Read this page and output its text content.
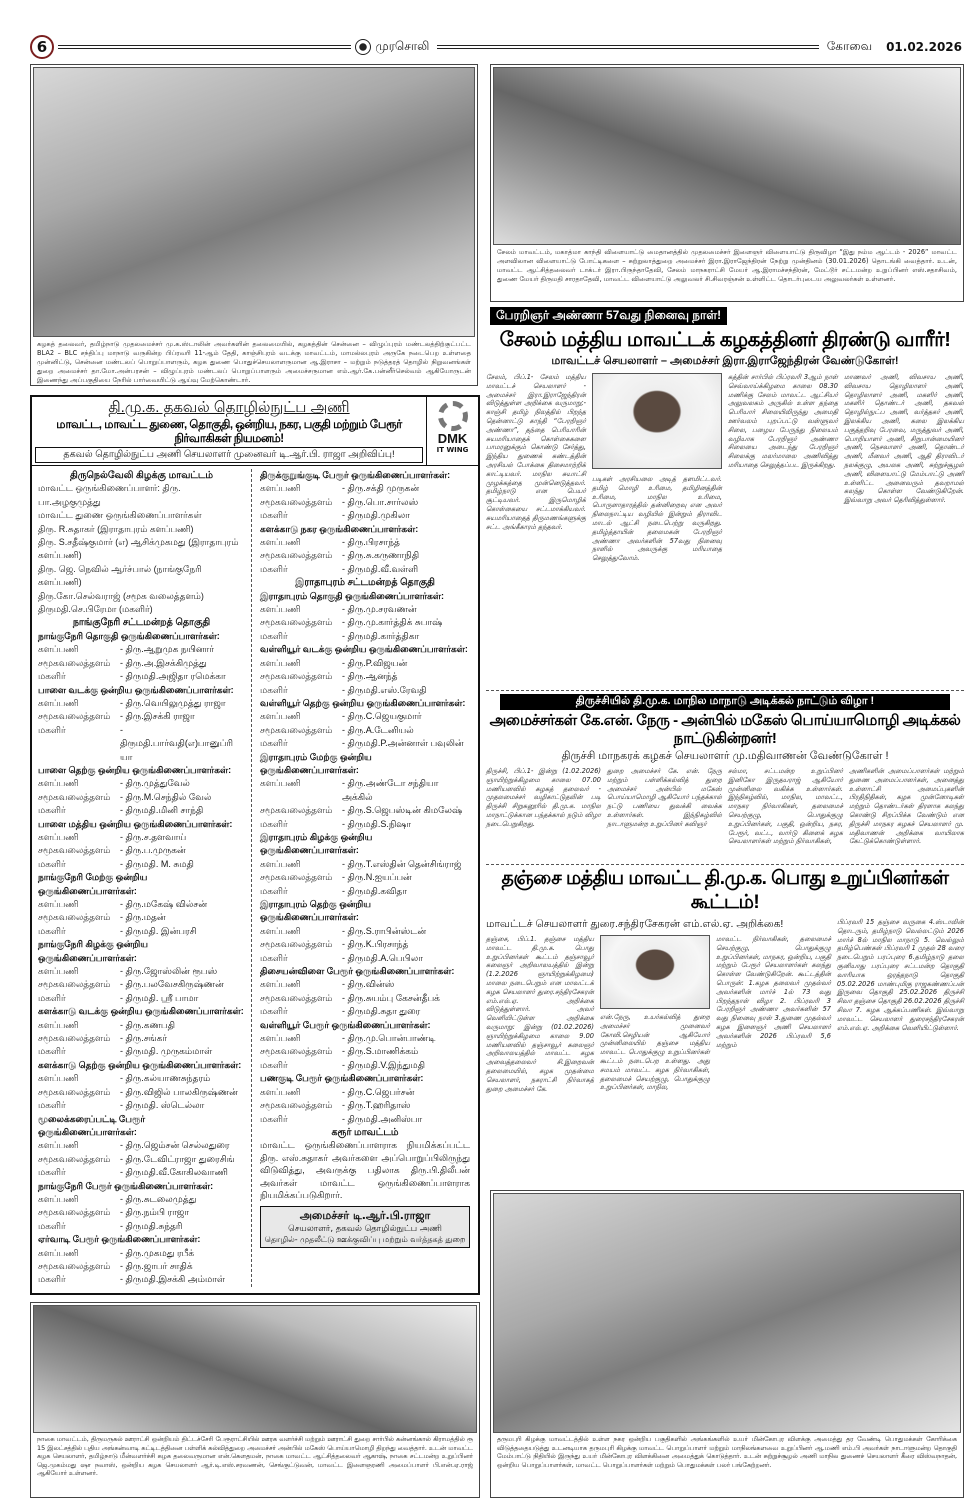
6	முரசொலி	கோவை 01.02.2026

கழகத் தலைவர், தமிழ்நாடு முதலமைச்சர் மு.க.ஸ்டாலின் அவர்களின் தலைமையில், கழகத்தின் சென்னை – விழுப்புரம் மண்டலத்திற்குட்பட்ட BLA2 – BLC சந்திப்பு மாநாடு வருகின்ற பிப்ரவரி 11-ஆம் தேதி, காஞ்சிபுரம் வடக்கு மாவட்டம், மாமல்லபுரம் அருகே நடைபெற உள்ளதை முன்னிட்டு, சென்னை மண்டலப் பொறுப்பாளரும், கழக துணை பொதுச்செயலாளருமான ஆ.இராசா – மற்றும் நடுத்தரத் தொழில் நிறுவனங்கள் துறை அமைச்சர் தா.மோ.அன்பரசன் – விழுப்புரம் மண்டலப் பொறுப்பாளரும் அமைச்சருமான எம்.ஆர்.கே.பன்னீர்செல்வம் ஆகியோருடன் இணைந்து அப்பகுதியை நேரில் பார்வையிட்டு ஆய்வு மேற்கொண்டார்.

சேலம் மாவட்டம், மகாத்மா காந்தி விளையாட்டு மைதானத்தில் முதலமைச்சர் இளைஞர் விளையாட்டு திருவிழா “இது நம்ம ஆட்டம் - 2026” மாவட்ட அளவிலான விளையாட்டு போட்டிகளை – சுற்றுலாத்துறை அமைச்சர் இரா.இராஜேந்திரன் நேற்று முன்தினம் (30.01.2026) தொடங்கி வைத்தார். உடன், மாவட்ட ஆட்சித்தலைவர் டாக்டர் இரா.பிருந்தாதேவி, சேலம் மாநகராட்சி மேயர் ஆ.இராமச்சந்திரன், மேட்டூர் சட்டமன்ற உறுப்பினர் எஸ்.சதாசிவம், துணை மேயர் திருமதி சாரதாதேவி, மாவட்ட விளையாட்டு அலுவலர் சி.சிவரஞ்சன் உள்ளிட்ட தொடர்புடைய அலுவலர்கள் உள்ளனர்.

பேரறிஞர் அண்ணா 57வது நினைவு நாள்!
சேலம் மத்திய மாவட்டக் கழகத்தினர் திரண்டு வாரீர்!
மாவட்டச் செயலாளர் – அமைச்சர் இரா.இராஜேந்திரன் வேண்டுகோள்!

சேலம், பிப்.1- சேலம் மத்திய மாவட்டச் செயலாளர் - அமைச்சர் இரா.இராஜேந்திரன் விடுத்துள்ள அறிக்கை வருமாறு;- காஞ்சி தமிழ் நிலத்தில் பிறந்த தென்னாட்டு காந்தி “பேரறிஞர் அண்ணா”, தந்தை பெரியாரின் சுயமரியாதைக் கொள்கைகளை பாமரனுக்கும் கொண்டு சேர்த்து, இந்திய துணைக் கண்டத்தின் அரசியல் போக்கை திசைமாற்றிக் காட்டியவர். மாநில சுயாட்சி முழக்கத்தை முன்னெடுத்தவர். தமிழ்நாடு என பெயர் சூட்டியவர். இருமொழிக் கொள்கையை சட்டமாக்கியவர். சுயமரியாதைத் திருமணங்களுக்கு சட்ட அங்கீகாரம் தந்தவர்.

படிகள் அரசியலை அடித் தளமிட்டவர். தமிழ் மொழி உரிமை, தமிழினத்தின் உரிமை, மாநில உரிமை, பொருளாதாரத்தில் தன்னிறைவு என அவர் நிலைநாட்டிய வழியில் இன்றும் திராவிட மாடல் ஆட்சி நடைபெற்று வருகிறது. தமிழ்த்தாயின் தலைமகன் பேரறிஞர் அண்ணா அவர்களின் 57வது நினைவு நாளில் அவருக்கு மரியாதை செலுத்துவோம்.

கத்தின் சார்பில் பிப்ரவரி 3ஆம் நாள் செவ்வாய்க்கிழமை காலை 08.30 மணிக்கு சேலம் மாவட்ட ஆட்சியர் அலுவலகம் அருகில் உள்ள தந்தை பெரியார் சிலையிலிருந்து அமைதி ஊர்வலம் புறப்பட்டு வள்ளுவர் சிலை, பழைய பேருந்து நிலையம் வழியாக பேரறிஞர் அண்ணா சிலையை அடைந்து பேரறிஞர் சிலைக்கு மலர்மாலை அணிவித்து மரியாதை செலுத்தப்பட இருக்கிறது.

மாணவர் அணி, விவசாய அணி, விவசாய தொழிலாளர் அணி, தொழிலாளர் அணி, மகளிர் அணி, மகளிர் தொண்டர் அணி, தகவல் தொழில்நுட்ப அணி, வர்த்தகர் அணி, இலக்கிய அணி, கலை இலக்கிய பகுத்தறிவு பேரவை, மருத்துவர் அணி, பொறியாளர் அணி, சிறுபான்மையினர் அணி, நெசவாளர் அணி, தொண்டர் அணி, மீனவர் அணி, ஆதி திராவிடர் நலக்குழு, அயலக அணி, சுற்றுச்சூழல் அணி, விளையாட்டு மேம்பாட்டு அணி உள்ளிட்ட அனைவரும் தவறாமல் கலந்து கொள்ள வேண்டுகிறேன். இவ்வாறு அவர் தெரிவித்துள்ளார்.

திருச்சியில் தி.மு.க. மாநில மாநாடு அடிக்கல் நாட்டும் விழா !
அமைச்சர்கள் கே.என். நேரு - அன்பில் மகேஸ் பொய்யாமொழி அடிக்கல் நாட்டுகின்றனர்!
திருச்சி மாநகரக் கழகச் செயலாளர் மு.மதிவாணன் வேண்டுகோள் !

திருச்சி, பிப்.1- இன்று (1.02.2026) ஞாயிற்றுக்கிழமை காலை 07.00 மணியளவில் கழகத் தலைவர் - முதலமைச்சர் வழிகாட்டுதலின் படி திருச்சி சிறுகனூரில் தி.மு.க. மாநில மாநாட்டுக்கான பந்தக்கால் நடும் விழா நடைபெறுகிறது.

துறை அமைச்சர் கே. என். நேரு மற்றும் பள்ளிக்கல்வித் துறை அமைச்சர் அன்பில் மகேஸ் பொய்யாமொழி ஆகியோர் பந்தக்கால் நட்டு பணியை துவக்கி வைக்க உள்ளார்கள். இந்நிகழ்வில் நாடாளுமன்ற உறுப்பினர் கவிஞர்

சல்மா, சட்டமன்ற உறுப்பினர் இனிகோ இருதயராஜ் ஆகியோர் முன்னிலை வகிக்க உள்ளார்கள். இந்நிகழ்வில், மாநில, மாவட்ட, மாநகர நிர்வாகிகள், தலைமைச் செயற்குழு, பொதுக்குழு உறுப்பினர்கள், பகுதி, ஒன்றிய, நகர, பேரூர், வட்ட, வார்டு கிளைக் கழக செயலாளர்கள் மற்றும் நிர்வாகிகள்,

அணிகளின் அமைப்பாளர்கள் மற்றும் துணை அமைப்பாளர்கள், அனைத்து உள்ளாட்சி அமைப்புகளின் பிரதிநிதிகள், கழக முன்னோடிகள் மற்றும் தொண்டர்கள் திரளாக கலந்து கொண்டு சிறப்பிக்க வேண்டும் என திருச்சி மாநகர கழகச் செயலாளர் மு. மதிவாணன் அறிக்கை வாயிலாக கேட்டுக்கொண்டுள்ளார்.

தஞ்சை மத்திய மாவட்ட தி.மு.க. பொது உறுப்பினர்கள் கூட்டம்!
மாவட்டச் செயலாளர் துரை.சந்திரசேகரன் எம்.எல்.ஏ. அறிக்கை!

தஞ்சை, பிப்.1. தஞ்சை மத்திய மாவட்ட தி.மு.க. பொது உறுப்பினர்கள் கூட்டம் தஞ்சாவூர் கலைஞர் அறிவாலயத்தில் இன்று (1.2.2026 ஞாயிற்றுக்கிழமை) மாலை நடைபெறும் என மாவட்டக் கழக செயலாளர் துரை.சந்திரசேகரன் எம்.எல்.ஏ. அறிக்கை விடுத்துள்ளார். அவர் வெளியிட்டுள்ள அறிக்கை வருமாறு: இன்று (01.02.2026) ஞாயிற்றுக்கிழமை காலை 9.00 மணியளவில் தஞ்சாவூர் கலைஞர் அறிவாலயத்தில் மாவட்ட கழக அவைத்தலைவர் சி.இறைவன் தலைமையில், கழக முதன்மை செயலாளர், நகராட்சி நிர்வாகத் துறை அமைச்சர் கே.

என்.நேரு, உயர்கல்வித் துறை அமைச்சர் முனைவர் கோவி.செழியன் ஆகியோர் முன்னிலையில் தஞ்சை மத்திய மாவட்ட பொதுக்குழு உறுப்பினர்கள் கூட்டம் நடைபெற உள்ளது. அது சமயம் மாவட்ட கழக நிர்வாகிகள், தலைமைச் செயற்குழு, பொதுக்குழு உறுப்பினர்கள், மாநில,

மாவட்ட நிர்வாகிகள், தலைமைச் செயற்குழு, பொதுக்குழு உறுப்பினர்கள், மாநகர, ஒன்றிய, பகுதி மற்றும் பேரூர் செயலாளர்கள் கலந்து கொள்ள வேண்டுகிறேன். கூட்டத்தின் பொருள்: 1.கழக தலைவர் முதல்வர் அவர்களின் மார்ச் 1ல் 73 வது பிறந்தநாள் விழா 2. பிப்ரவரி 3 பேரறிஞர் அண்ணா அவர்களின் 57 வது நினைவு நாள் 3.துணை முதல்வர் கழக இளைஞர் அணி செயலாளர் அவர்களின் 2026 பிப்ரவரி 5,6 மற்றும்

பிப்ரவரி 15 தஞ்சை வருகை 4.ஸ்டாலின் தொடரும், தமிழ்நாடு வெல்லட்டும் 2026 மார்ச் 8ல் மாநில மாநாடு 5. வெல்லும் தமிழ்பெண்கள் பிப்ரவரி 1 முதல் 28 வரை நடைபெறும் பரப்புரை 6.தமிழ்நாடு தலை குனியாது பரப்புரை சட்டமன்ற தொகுதி வாரியாக ஒரத்தநாடு தொகுதி 05.02.2026 மாண்புமிகு ராஜகண்ணப்பன் இருவை தொகுதி 25.02.2026 திருச்சி சிவா தஞ்சை தொகுதி 26.02.2026 திருச்சி சிவா 7. கழக ஆக்கப்பணிகள். இவ்வாறு மாவட்ட செயலாளர் துரைசந்திரசேகரன் எம்.எல்.ஏ. அறிக்கை வெளியிட்டுள்ளார்.

தி.மு.க. தகவல் தொழில்நுட்ப அணி
மாவட்ட, மாவட்ட துணை, தொகுதி, ஒன்றிய, நகர, பகுதி மற்றும் பேரூர் நிர்வாகிகள் நியமனம்!
தகவல் தொழில்நுட்ப அணி செயலாளர் முனைவர் டி.ஆர்.பி. ராஜா அறிவிப்பு!
DMK
IT WING
திருநெல்வேலி கிழக்கு மாவட்டம்
மாவட்ட ஒருங்கிணைப்பாளர்: திரு. பா.அழகுமுத்து
மாவட்ட துணை ஒருங்கிணைப்பாளர்கள்
திரு. R.சுதாகர் (இராதாபுரம் களப்பணி)
திரு. S.சதீஷ்குமார் (எ) ஆசிக்முகமது (இராதாபுரம் களப்பணி)
திரு. ஜெ. நெவில் ஆர்ச்பால் (நாங்குநேரி களப்பணி)
திரு.கோ.செல்வராஜ் (சமூக வலைத்தளம்)
திருமதி.செ.பிரேமா (மகளிர்)
நாங்குநேரி சட்டமன்றத் தொகுதி
நாங்குநேரி தொகுதி ஒருங்கிணைப்பாளர்கள்:
களப்பணி	- திரு.ஆறுமுக நயினார்
சமூகவலைத்தளம்	- திரு.அ.இசக்கிமுத்து
மகளிர்	- திருமதி.அஜிதா ரமெக்கா
பாளை வடக்கு ஒன்றிய ஒருங்கிணைப்பாளர்கள்:
களப்பணி	- திரு.வெயிலுமுத்து ராஜா
சமூகவலைத்தளம்	- திரு.இசக்கி ராஜா
மகளிர்	- திருமதி.பார்வதி(எ)பானுப்ரியா
பாளை தெற்கு ஒன்றிய ஒருங்கிணைப்பாளர்கள்:
களப்பணி	- திரு.முத்துவேல்
சமூகவலைத்தளம்	- திரு.M.செந்தில் வேல்
மகளிர்	- திருமதி.மினி சாந்தி
பாளை மத்திய ஒன்றிய ஒருங்கிணைப்பாளர்கள்:
களப்பணி	- திரு.ச.தளவாய்
சமூகவலைத்தளம்	- திரு.ப.முருகன்
மகளிர்	- திருமதி. M. சுமதி
நாங்குநேரி மேற்கு ஒன்றிய ஒருங்கிணைப்பாளர்கள்:
களப்பணி	- திரு.மகேஷ் வில்சன்
சமூகவலைத்தளம்	- திரு.மதன்
மகளிர்	- திருமதி. இன்பரசி
நாங்குநேரி கிழக்கு ஒன்றிய ஒருங்கிணைப்பாளர்கள்:
களப்பணி	- திரு.ஜோஸ்லின் ரூபஸ்
சமூகவலைத்தளம்	- திரு.பலவேசகிருஷ்ணன்
மகளிர்	- திருமதி. ஸ்ரீ பாமா
களக்காடு வடக்கு ஒன்றிய ஒருங்கிணைப்பாளர்கள்:
களப்பணி	- திரு.கணபதி
சமூகவலைத்தளம்	- திரு.சங்கர்
மகளிர்	- திருமதி. முருகம்மாள்
களக்காடு தெற்கு ஒன்றிய ஒருங்கிணைப்பாளர்கள்:
களப்பணி	- திரு.கல்யாணசுந்தரம்
சமூகவலைத்தளம்	- திரு.விஜில் பாலகிருஷ்ணன்
மகளிர்	- திருமதி. ஸ்டெல்லா
மூலைக்கரைப்பட்டி பேரூர் ஒருங்கிணைப்பாளர்கள்:
களப்பணி	- திரு.ஜெம்சன் செல்லதுரை
சமூகவலைத்தளம்	- திரு.டேவிட்ராஜா துரைசிங்
மகளிர்	- திருமதி.வீ.கோகிலவாணி
நாங்குநேரி பேரூர் ஒருங்கிணைப்பாளர்கள்:
களப்பணி	- திரு.சுடலைமுத்து
சமூகவலைத்தளம்	- திரு.நம்பி ராஜா
மகளிர்	- திருமதி.சுந்தரி
ஏர்வாடி பேரூர் ஒருங்கிணைப்பாளர்கள்:
களப்பணி	- திரு.முகமது ரபீக்
சமூகவலைத்தளம்	- திரு.ஜாபர் சாதிக்
மகளிர்	- திருமதி.இசக்கி அம்மாள்
திருக்குறுங்குடி பேரூர் ஒருங்கிணைப்பாளர்கள்:
களப்பணி	- திரு.சக்தி முருகன்
சமூகவலைத்தளம்	- திரு.பொ.சார்லஸ்
மகளிர்	- திருமதி.முகிலா
களக்காடு நகர ஒருங்கிணைப்பாளர்கள்:
களப்பணி	- திரு.பிரசாந்த்
சமூகவலைத்தளம்	- திரு.சு.கருணாநிதி
மகளிர்	- திருமதி.வீ.வள்ளி
இராதாபுரம் சட்டமன்றத் தொகுதி
இராதாபுரம் தொகுதி ஒருங்கிணைப்பாளர்கள்:
களப்பணி	- திரு.மு.சரவணன்
சமூகவலைத்தளம்	- திரு.மு.கார்த்திக் சுபாஷ்
மகளிர்	- திருமதி.கார்த்திகா
வள்ளியூர் வடக்கு ஒன்றிய ஒருங்கிணைப்பாளர்கள்:
களப்பணி	- திரு.P.விஜயன்
சமூகவலைத்தளம்	- திரு.ஆனந்த்
மகளிர்	- திருமதி.எஸ்.ரேவதி
வள்ளியூர் தெற்கு ஒன்றிய ஒருங்கிணைப்பாளர்கள்:
களப்பணி	- திரு.C.ஜெயகுமார்
சமூகவலைத்தளம்	- திரு.A.டேனியல்
மகளிர்	- திருமதி.P.அன்னாள் பவுலின்
இராதாபுரம் மேற்கு ஒன்றிய ஒருங்கிணைப்பாளர்கள்:
களப்பணி	- திரு.அண்டோ சந்தியா அக்கில்
சமூகவலைத்தளம்	- திரு.S.ஜெபஸ்டின் கிமலேஷ்
மகளிர்	- திருமதி.S.நிஷா
இராதாபுரம் கிழக்கு ஒன்றிய ஒருங்கிணைப்பாளர்கள்:
களப்பணி	- திரு.T.எஸ்தின் தென்சிங்ராஜ்
சமூகவலைத்தளம்	- திரு.N.ஐயப்பன்
மகளிர்	- திருமதி.கவிதா
இராதாபுரம் தெற்கு ஒன்றிய ஒருங்கிணைப்பாளர்கள்:
களப்பணி	- திரு.S.ராபின்ஸ்டன்
சமூகவலைத்தளம்	- திரு.K.பிரசாந்த்
மகளிர்	- திருமதி.A.பெபிலா
திசையன்விளை பேரூர் ஒருங்கிணைப்பாளர்கள்:
களப்பணி	- திரு.வின்ஸ்
சமூகவலைத்தளம்	- திரு.சுயம்பு கேசன்தீபக்
மகளிர்	- திருமதி.சுதா துரை
வள்ளியூர் பேரூர் ஒருங்கிணைப்பாளர்கள்:
களப்பணி	- திரு.மு.பொன்பாண்டி
சமூகவலைத்தளம்	- திரு.S.மாணிக்கம்
மகளிர்	- திருமதி.V.இந்துமதி
பணகுடி பேரூர் ஒருங்கிணைப்பாளர்கள்:
களப்பணி	- திரு.C.ஜெபர்சன்
சமூகவலைத்தளம்	- திரு.T.ஹரிதாஸ்
மகளிர்	- திருமதி.அனிஸ்பா
கரூர் மாவட்டம்

மாவட்ட ஒருங்கிணைப்பாளராக நியமிக்கப்பட்ட திரு. எஸ்.சுதாகர் அவர்களை அப்பொறுப்பிலிருந்து விடுவித்து, அவருக்கு பதிலாக திரு.பி.திலீபன் அவர்கள் மாவட்ட ஒருங்கிணைப்பாளராக நியமிக்கப்படுகிறார்.

அமைச்சர் டி.ஆர்.பி.ராஜா
செயலாளர், தகவல் தொழில்நுட்ப அணி
தொழில்- முதலீட்டு ஊக்குவிப்பு மற்றும் வர்த்தகத் துறை

நாகை மாவட்டம், திருமருகல் ஊராட்சி ஒன்றியம் திட்டச்சேரி பேரூராட்சியில் ஊரக வளர்ச்சி மற்றும் ஊராட்சி துறை சார்பில் கன்னங்கால் கிராமத்தில் ரூ 15 இலட்சத்தில் புதிய அங்கன்வாடி கட்டிடத்தினை பள்ளிக் கல்வித்துறை அமைச்சர் அன்பில் மகேஸ் பொய்யாமொழி திறந்து வைத்தார். உடன் மாவட்ட கழக செயலாளர், தமிழ்நாடு மீன்வளர்ச்சி கழக தலைவருமான என்.கௌதமன், நாகை மாவட்ட ஆட்சித்தலைவர் ஆகாஷ், நாகை சட்டமன்ற உறுப்பினர் ஜெ.முகம்மது ஷா நவாஸ், ஒன்றிய கழக செயலாளர் ஆர்.டி.எஸ்.சரவணன், செங்குட்டுவன், மாவட்ட இளைஞரணி அமைப்பாளர் பி.என்.ஏ.ராஜ் ஆகியோர் உள்ளனர்.

தருமபுரி கிழக்கு மாவட்டத்தில் உள்ள நகர ஒன்றிய பகுதிகளில் அங்கங்களில் உயர் மின்கோபுர விளக்கு அமைத்து தர வேண்டி பொதுமக்கள் கோரிக்கை விடுத்ததையடுத்து உடனடியாக தருமபுரி கிழக்கு மாவட்ட பொறுப்பாளர் மற்றும் மாநிலங்களவை உறுப்பினர் ஆ.மணி எம்.பி அவர்கள் நாடாளுமன்ற தொகுதி மேம்பாட்டு நிதியில் இருந்து உயர் மின்கோபுர விளக்கினை அமைத்துக் கொடுத்தார். உடன் சுற்றுச்சூழல் அணி மாநில துணைச் செயலாளர் கீரை விஸ்வநாதன், ஒன்றிய பொறுப்பாளர்கள், மாவட்ட பொறுப்பாளர்கள் மற்றும் பொதுமக்கள் பலர் பங்கேற்றனர்.
